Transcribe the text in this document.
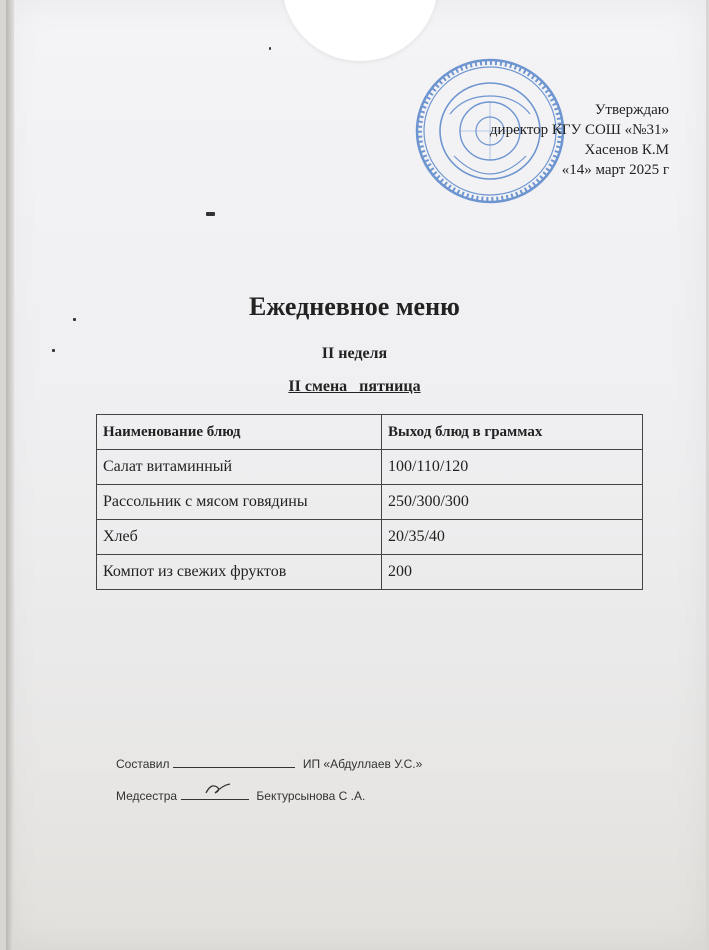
Утверждаю
директор КГУ СОШ «№31»
Хасенов К.М
«14» март 2025 г
Ежедневное меню
II неделя
II смена   пятница
Наименование блюд	Выход блюд в граммах
Салат витаминный	100/110/120
Рассольник с мясом говядины	250/300/300
Хлеб	20/35/40
Компот из свежих фруктов	200
Составил	ИП «Абдуллаев У.С.»
Медсестра	Бектурсынова С .А.
